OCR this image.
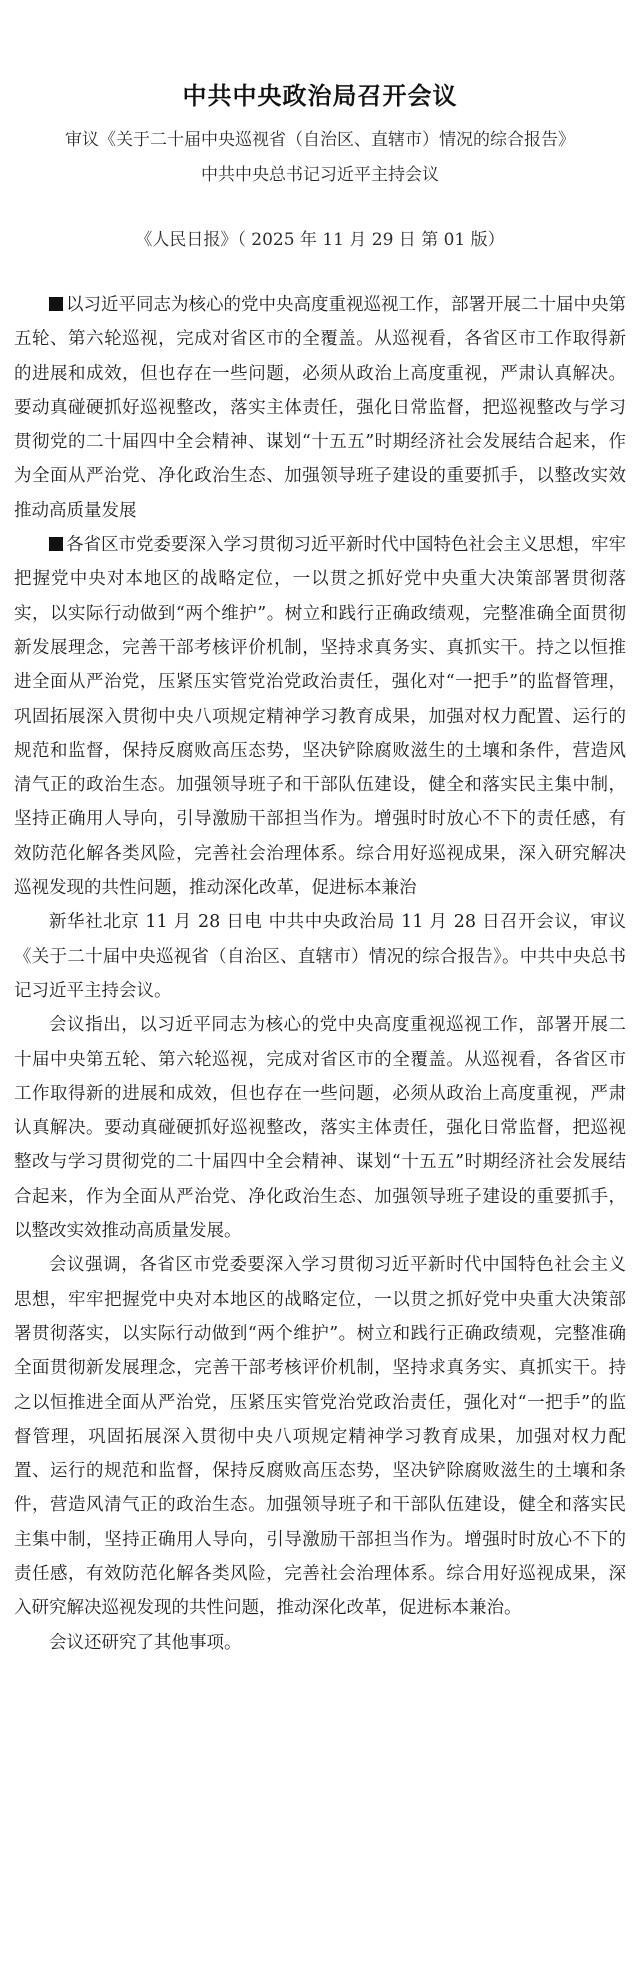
中共中央政治局召开会议
审议《关于二十届中央巡视省（自治区、直辖市）情况的综合报告》
中共中央总书记习近平主持会议
《人民日报》（ 2025 年 11 月 29 日 第 01 版）

以习近平同志为核心的党中央高度重视巡视工作，部署开展二十届中央第五轮、第六轮巡视，完成对省区市的全覆盖。从巡视看，各省区市工作取得新的进展和成效，但也存在一些问题，必须从政治上高度重视，严肃认真解决。要动真碰硬抓好巡视整改，落实主体责任，强化日常监督，把巡视整改与学习贯彻党的二十届四中全会精神、谋划“十五五”时期经济社会发展结合起来，作为全面从严治党、净化政治生态、加强领导班子建设的重要抓手，以整改实效推动高质量发展

各省区市党委要深入学习贯彻习近平新时代中国特色社会主义思想，牢牢把握党中央对本地区的战略定位，一以贯之抓好党中央重大决策部署贯彻落实，以实际行动做到“两个维护”。树立和践行正确政绩观，完整准确全面贯彻新发展理念，完善干部考核评价机制，坚持求真务实、真抓实干。持之以恒推进全面从严治党，压紧压实管党治党政治责任，强化对“一把手”的监督管理，巩固拓展深入贯彻中央八项规定精神学习教育成果，加强对权力配置、运行的规范和监督，保持反腐败高压态势，坚决铲除腐败滋生的土壤和条件，营造风清气正的政治生态。加强领导班子和干部队伍建设，健全和落实民主集中制，坚持正确用人导向，引导激励干部担当作为。增强时时放心不下的责任感，有效防范化解各类风险，完善社会治理体系。综合用好巡视成果，深入研究解决巡视发现的共性问题，推动深化改革，促进标本兼治

新华社北京 11 月 28 日电 中共中央政治局 11 月 28 日召开会议，审议《关于二十届中央巡视省（自治区、直辖市）情况的综合报告》。中共中央总书记习近平主持会议。

会议指出，以习近平同志为核心的党中央高度重视巡视工作，部署开展二十届中央第五轮、第六轮巡视，完成对省区市的全覆盖。从巡视看，各省区市工作取得新的进展和成效，但也存在一些问题，必须从政治上高度重视，严肃认真解决。要动真碰硬抓好巡视整改，落实主体责任，强化日常监督，把巡视整改与学习贯彻党的二十届四中全会精神、谋划“十五五”时期经济社会发展结合起来，作为全面从严治党、净化政治生态、加强领导班子建设的重要抓手，以整改实效推动高质量发展。

会议强调，各省区市党委要深入学习贯彻习近平新时代中国特色社会主义思想，牢牢把握党中央对本地区的战略定位，一以贯之抓好党中央重大决策部署贯彻落实，以实际行动做到“两个维护”。树立和践行正确政绩观，完整准确全面贯彻新发展理念，完善干部考核评价机制，坚持求真务实、真抓实干。持之以恒推进全面从严治党，压紧压实管党治党政治责任，强化对“一把手”的监督管理，巩固拓展深入贯彻中央八项规定精神学习教育成果，加强对权力配置、运行的规范和监督，保持反腐败高压态势，坚决铲除腐败滋生的土壤和条件，营造风清气正的政治生态。加强领导班子和干部队伍建设，健全和落实民主集中制，坚持正确用人导向，引导激励干部担当作为。增强时时放心不下的责任感，有效防范化解各类风险，完善社会治理体系。综合用好巡视成果，深入研究解决巡视发现的共性问题，推动深化改革，促进标本兼治。

会议还研究了其他事项。
